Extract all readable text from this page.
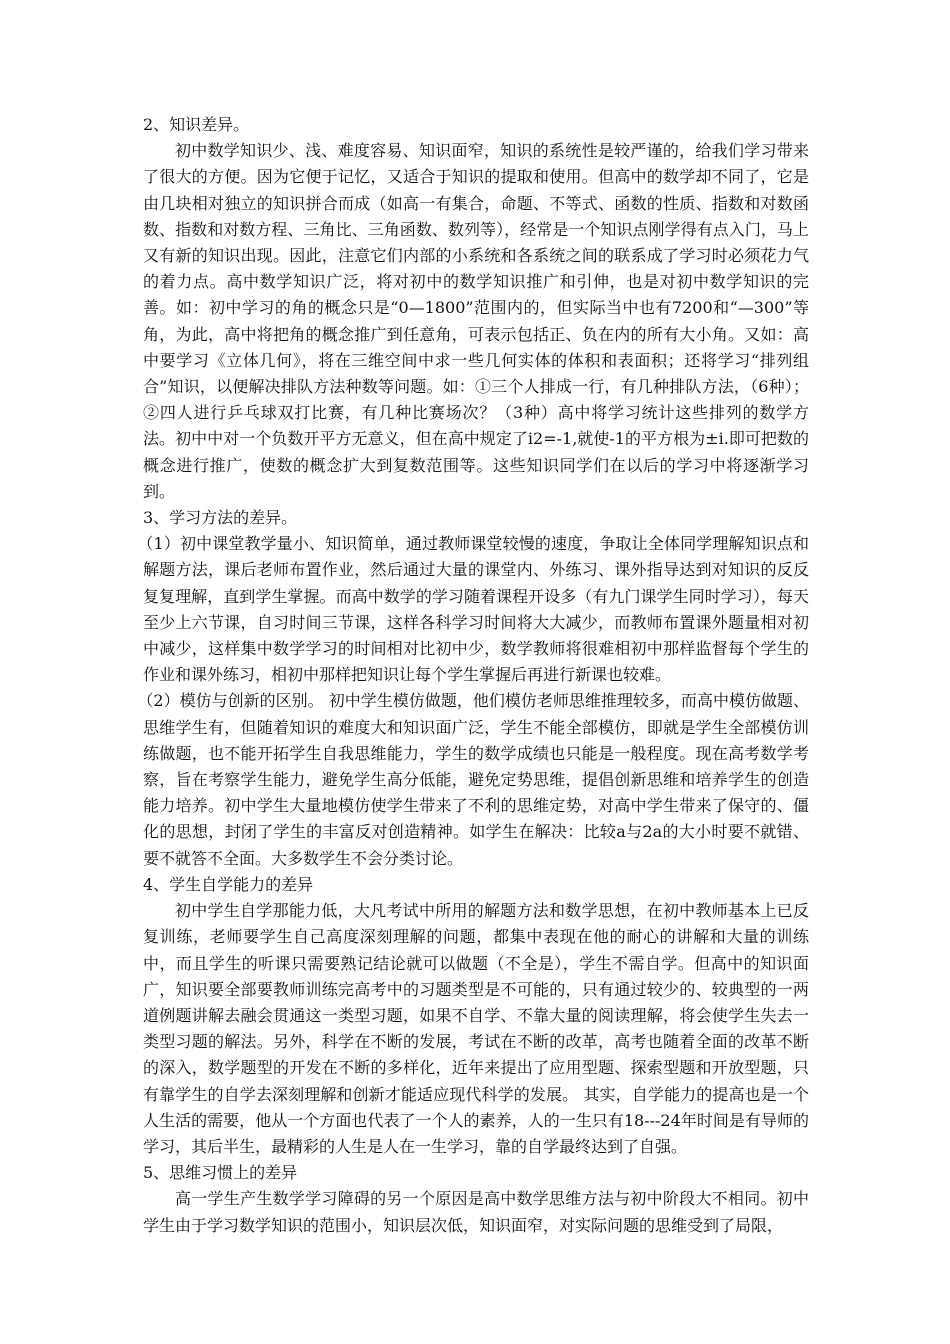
2、知识差异。

初中数学知识少、浅、难度容易、知识面窄，知识的系统性是较严谨的，给我们学习带来了很大的方便。因为它便于记忆，又适合于知识的提取和使用。但高中的数学却不同了，它是由几块相对独立的知识拼合而成（如高一有集合，命题、不等式、函数的性质、指数和对数函数、指数和对数方程、三角比、三角函数、数列等），经常是一个知识点刚学得有点入门，马上又有新的知识出现。因此，注意它们内部的小系统和各系统之间的联系成了学习时必须花力气的着力点。高中数学知识广泛，将对初中的数学知识推广和引伸，也是对初中数学知识的完善。如：初中学习的角的概念只是“0—1800”范围内的，但实际当中也有7200和“—300”等角，为此，高中将把角的概念推广到任意角，可表示包括正、负在内的所有大小角。又如：高中要学习《立体几何》，将在三维空间中求一些几何实体的体积和表面积；还将学习“排列组合”知识，以便解决排队方法种数等问题。如：①三个人排成一行，有几种排队方法，（6种）；②四人进行乒乓球双打比赛，有几种比赛场次？（3种）高中将学习统计这些排列的数学方法。初中中对一个负数开平方无意义，但在高中规定了i2=-1,就使-1的平方根为±i.即可把数的概念进行推广，使数的概念扩大到复数范围等。这些知识同学们在以后的学习中将逐渐学习到。

3、学习方法的差异。

（1）初中课堂教学量小、知识简单，通过教师课堂较慢的速度，争取让全体同学理解知识点和解题方法，课后老师布置作业，然后通过大量的课堂内、外练习、课外指导达到对知识的反反复复理解，直到学生掌握。而高中数学的学习随着课程开设多（有九门课学生同时学习），每天至少上六节课，自习时间三节课，这样各科学习时间将大大减少，而教师布置课外题量相对初中减少，这样集中数学学习的时间相对比初中少，数学教师将很难相初中那样监督每个学生的作业和课外练习，相初中那样把知识让每个学生掌握后再进行新课也较难。

（2）模仿与创新的区别。 初中学生模仿做题，他们模仿老师思维推理较多，而高中模仿做题、思维学生有，但随着知识的难度大和知识面广泛，学生不能全部模仿，即就是学生全部模仿训练做题，也不能开拓学生自我思维能力，学生的数学成绩也只能是一般程度。现在高考数学考察，旨在考察学生能力，避免学生高分低能，避免定势思维，提倡创新思维和培养学生的创造能力培养。初中学生大量地模仿使学生带来了不利的思维定势，对高中学生带来了保守的、僵化的思想，封闭了学生的丰富反对创造精神。如学生在解决：比较a与2a的大小时要不就错、要不就答不全面。大多数学生不会分类讨论。

4、学生自学能力的差异

初中学生自学那能力低，大凡考试中所用的解题方法和数学思想，在初中教师基本上已反复训练，老师要学生自己高度深刻理解的问题，都集中表现在他的耐心的讲解和大量的训练中，而且学生的听课只需要熟记结论就可以做题（不全是），学生不需自学。但高中的知识面广，知识要全部要教师训练完高考中的习题类型是不可能的，只有通过较少的、较典型的一两道例题讲解去融会贯通这一类型习题，如果不自学、不靠大量的阅读理解，将会使学生失去一类型习题的解法。另外，科学在不断的发展，考试在不断的改革，高考也随着全面的改革不断的深入，数学题型的开发在不断的多样化，近年来提出了应用型题、探索型题和开放型题，只有靠学生的自学去深刻理解和创新才能适应现代科学的发展。 其实，自学能力的提高也是一个人生活的需要，他从一个方面也代表了一个人的素养，人的一生只有18---24年时间是有导师的学习，其后半生，最精彩的人生是人在一生学习，靠的自学最终达到了自强。

5、思维习惯上的差异

高一学生产生数学学习障碍的另一个原因是高中数学思维方法与初中阶段大不相同。初中学生由于学习数学知识的范围小，知识层次低，知识面窄，对实际问题的思维受到了局限，
